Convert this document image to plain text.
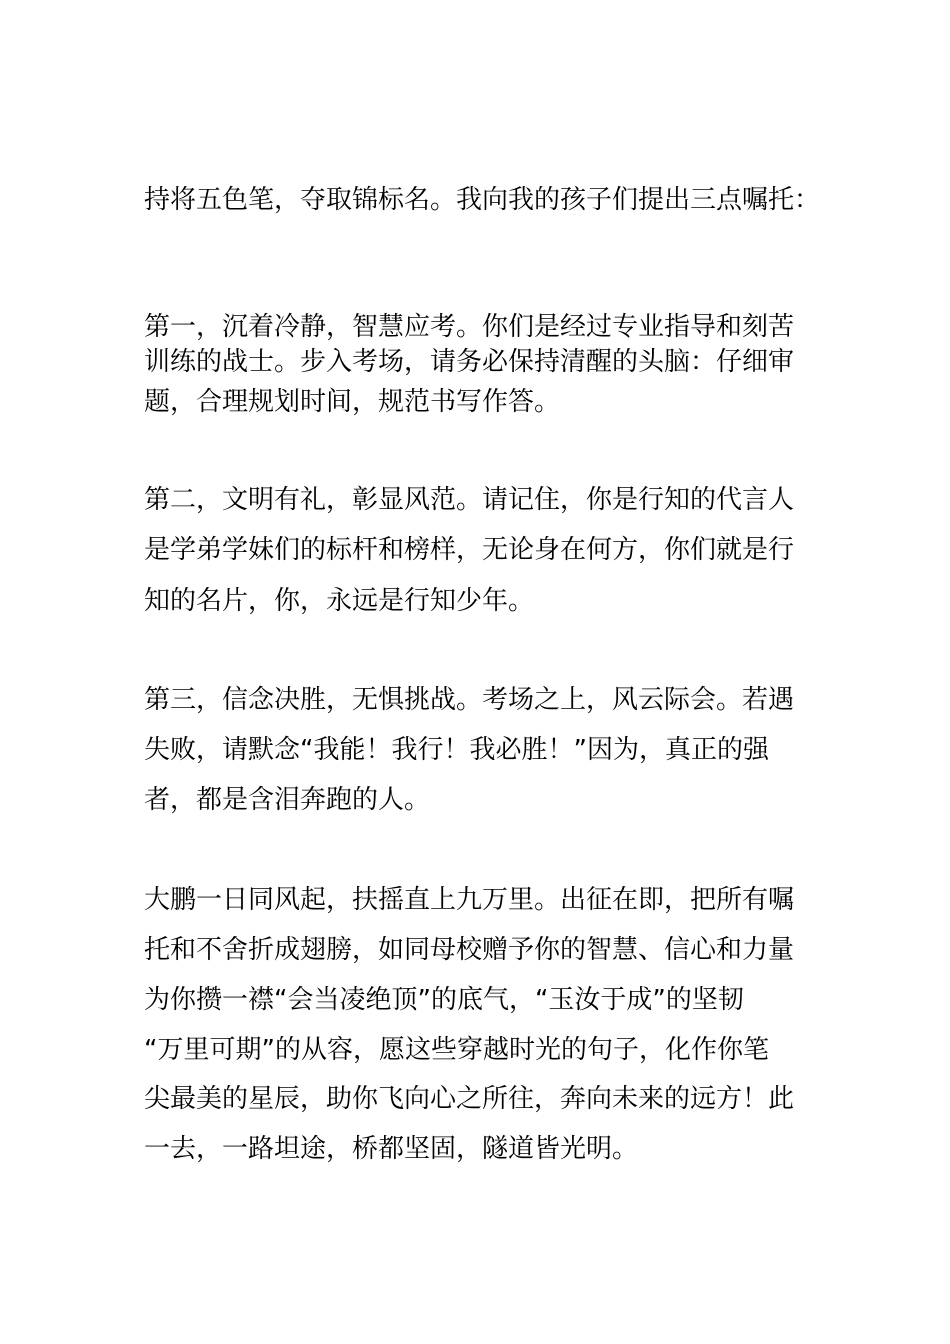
持将五色笔，夺取锦标名。我向我的孩子们提出三点嘱托：

第一，沉着冷静，智慧应考。你们是经过专业指导和刻苦

训练的战士。步入考场，请务必保持清醒的头脑：仔细审

题，合理规划时间，规范书写作答。

第二，文明有礼，彰显风范。请记住，你是行知的代言人

是学弟学妹们的标杆和榜样，无论身在何方，你们就是行

知的名片，你，永远是行知少年。

第三，信念决胜，无惧挑战。考场之上，风云际会。若遇

失败，请默念“我能！我行！我必胜！”因为，真正的强

者，都是含泪奔跑的人。

大鹏一日同风起，扶摇直上九万里。出征在即，把所有嘱

托和不舍折成翅膀，如同母校赠予你的智慧、信心和力量

为你攒一襟“会当凌绝顶”的底气，“玉汝于成”的坚韧

“万里可期”的从容，愿这些穿越时光的句子，化作你笔

尖最美的星辰，助你飞向心之所往，奔向未来的远方！此

一去，一路坦途，桥都坚固，隧道皆光明。
